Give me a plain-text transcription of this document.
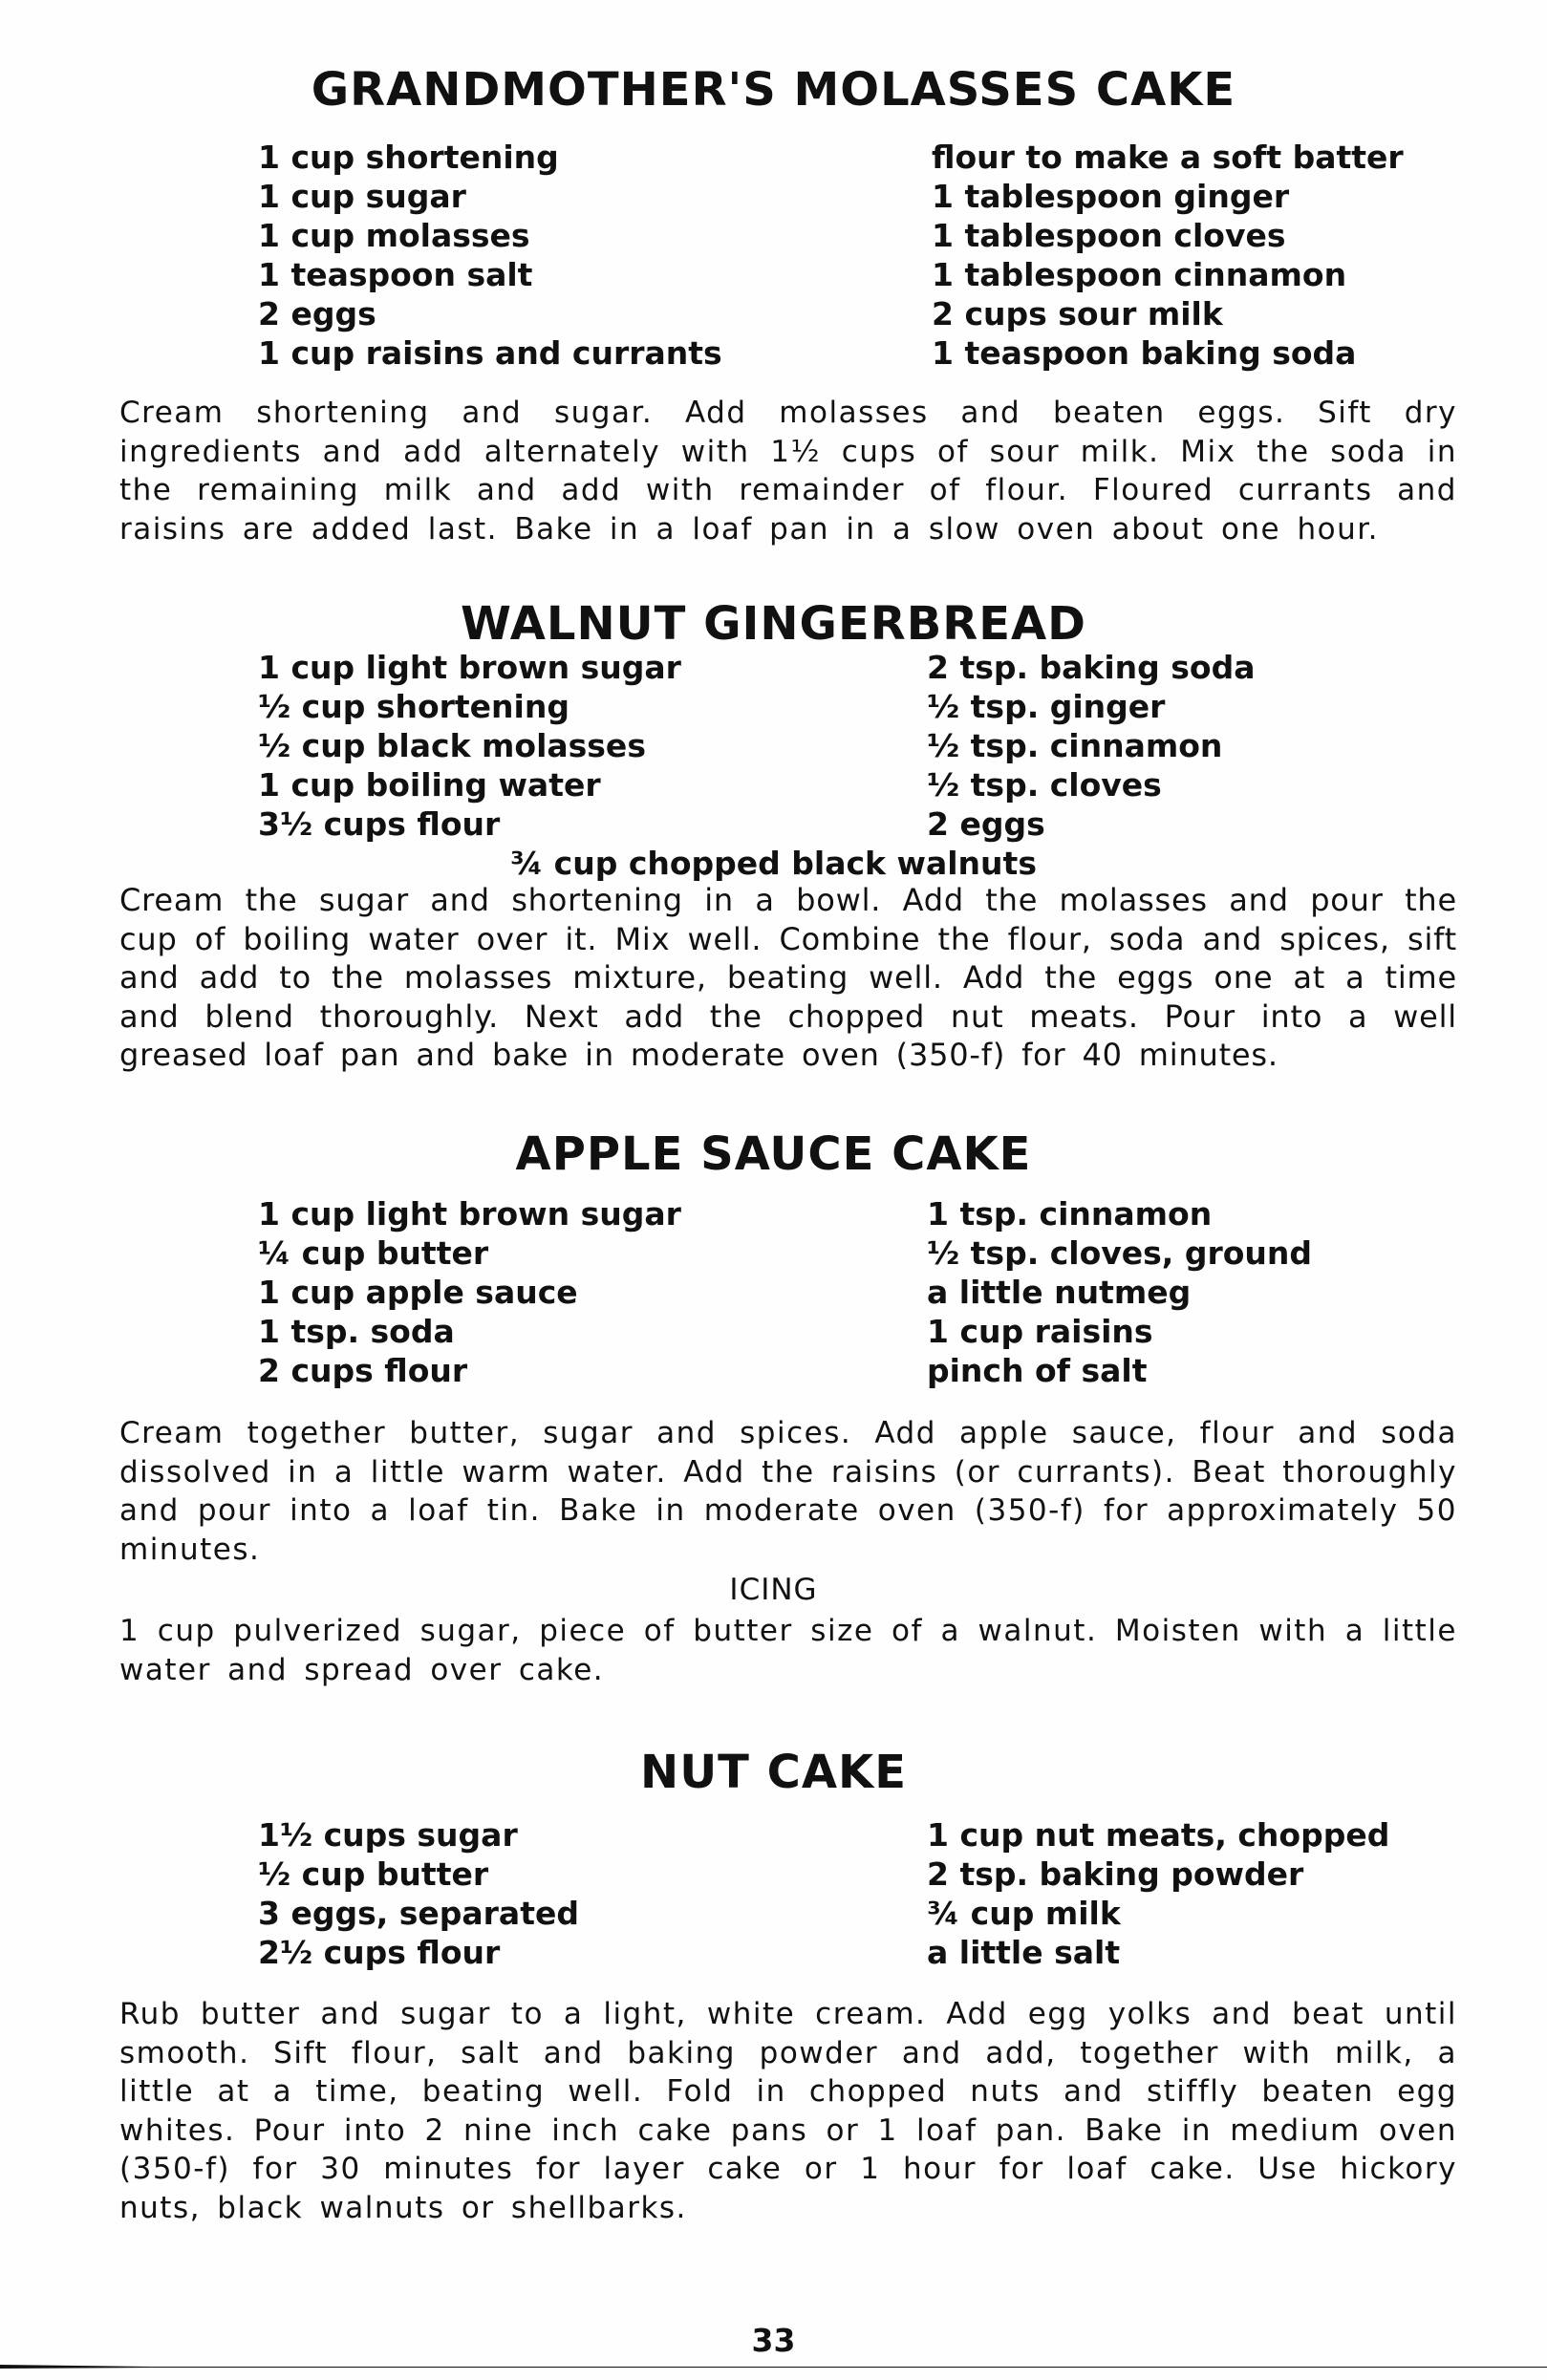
GRANDMOTHER'S MOLASSES CAKE
1 cup shortening
1 cup sugar
1 cup molasses
1 teaspoon salt
2 eggs
1 cup raisins and currants
flour to make a soft batter
1 tablespoon ginger
1 tablespoon cloves
1 tablespoon cinnamon
2 cups sour milk
1 teaspoon baking soda

Cream shortening and sugar. Add molasses and beaten eggs. Sift dry ingredients and add alternately with 1½ cups of sour milk. Mix the soda in the remaining milk and add with remainder of flour. Floured currants and raisins are added last. Bake in a loaf pan in a slow oven about one hour.

WALNUT GINGERBREAD
1 cup light brown sugar
½ cup shortening
½ cup black molasses
1 cup boiling water
3½ cups flour
2 tsp. baking soda
½ tsp. ginger
½ tsp. cinnamon
½ tsp. cloves
2 eggs

¾ cup chopped black walnuts

Cream the sugar and shortening in a bowl. Add the molasses and pour the cup of boiling water over it. Mix well. Combine the flour, soda and spices, sift and add to the molasses mixture, beating well. Add the eggs one at a time and blend thoroughly. Next add the chopped nut meats. Pour into a well greased loaf pan and bake in moderate oven (350-f) for 40 minutes.

APPLE SAUCE CAKE
1 cup light brown sugar
¼ cup butter
1 cup apple sauce
1 tsp. soda
2 cups flour
1 tsp. cinnamon
½ tsp. cloves, ground
a little nutmeg
1 cup raisins
pinch of salt

Cream together butter, sugar and spices. Add apple sauce, flour and soda dissolved in a little warm water. Add the raisins (or currants). Beat thoroughly and pour into a loaf tin. Bake in moderate oven (350-f) for approximately 50 minutes.

ICING

1 cup pulverized sugar, piece of butter size of a walnut. Moisten with a little water and spread over cake.

NUT CAKE
1½ cups sugar
½ cup butter
3 eggs, separated
2½ cups flour
1 cup nut meats, chopped
2 tsp. baking powder
¾ cup milk
a little salt

Rub butter and sugar to a light, white cream. Add egg yolks and beat until smooth. Sift flour, salt and baking powder and add, together with milk, a little at a time, beating well. Fold in chopped nuts and stiffly beaten egg whites. Pour into 2 nine inch cake pans or 1 loaf pan. Bake in medium oven (350-f) for 30 minutes for layer cake or 1 hour for loaf cake. Use hickory nuts, black walnuts or shellbarks.

33
